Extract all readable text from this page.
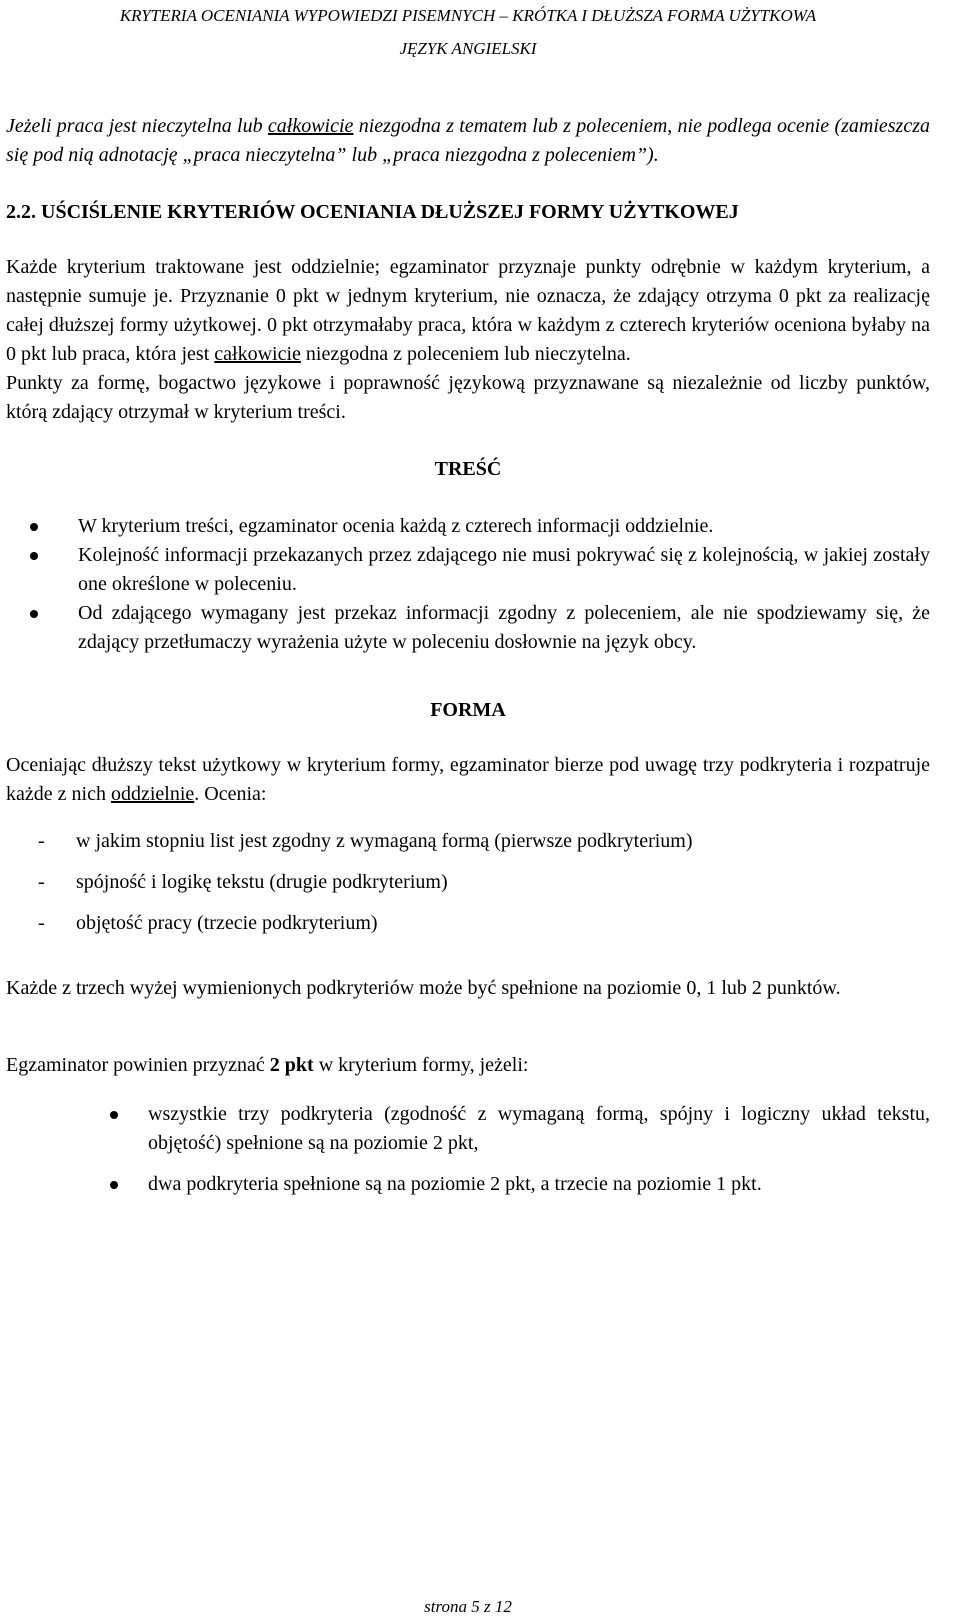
KRYTERIA OCENIANIA WYPOWIEDZI PISEMNYCH – KRÓTKA I DŁUŻSZA FORMA UŻYTKOWA
JĘZYK ANGIELSKI

Jeżeli praca jest nieczytelna lub całkowicie niezgodna z tematem lub z poleceniem, nie podlega ocenie (zamieszcza się pod nią adnotację „praca nieczytelna” lub „praca niezgodna z poleceniem”).

2.2. UŚCIŚLENIE KRYTERIÓW OCENIANIA DŁUŻSZEJ FORMY UŻYTKOWEJ

Każde kryterium traktowane jest oddzielnie; egzaminator przyznaje punkty odrębnie w każdym kryterium, a następnie sumuje je. Przyznanie 0 pkt w jednym kryterium, nie oznacza, że zdający otrzyma 0 pkt za realizację całej dłuższej formy użytkowej. 0 pkt otrzymałaby praca, która w każdym z czterech kryteriów oceniona byłaby na 0 pkt lub praca, która jest całkowicie niezgodna z poleceniem lub nieczytelna.

Punkty za formę, bogactwo językowe i poprawność językową przyznawane są niezależnie od liczby punktów, którą zdający otrzymał w kryterium treści.

TREŚĆ

W kryterium treści, egzaminator ocenia każdą z czterech informacji oddzielnie.
Kolejność informacji przekazanych przez zdającego nie musi pokrywać się z kolejnością, w jakiej zostały one określone w poleceniu.
Od zdającego wymagany jest przekaz informacji zgodny z poleceniem, ale nie spodziewamy się, że zdający przetłumaczy wyrażenia użyte w poleceniu dosłownie na język obcy.

FORMA

Oceniając dłuższy tekst użytkowy w kryterium formy, egzaminator bierze pod uwagę trzy podkryteria i rozpatruje każde z nich oddzielnie. Ocenia:

- w jakim stopniu list jest zgodny z wymaganą formą (pierwsze podkryterium)
- spójność i logikę tekstu (drugie podkryterium)
- objętość pracy (trzecie podkryterium)

Każde z trzech wyżej wymienionych podkryteriów może być spełnione na poziomie 0, 1 lub 2 punktów.

Egzaminator powinien przyznać 2 pkt w kryterium formy, jeżeli:

wszystkie trzy podkryteria (zgodność z wymaganą formą, spójny i logiczny układ tekstu, objętość) spełnione są na poziomie 2 pkt,
dwa podkryteria spełnione są na poziomie 2 pkt, a trzecie na poziomie 1 pkt.
strona 5 z 12
